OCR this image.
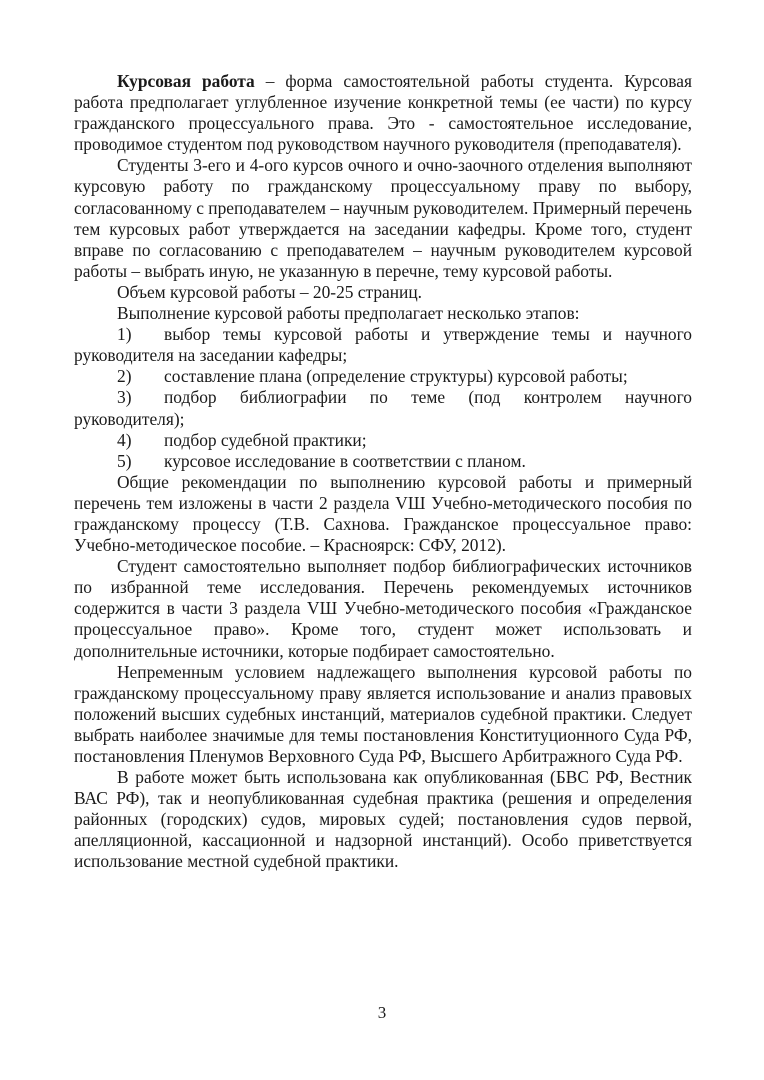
Курсовая работа – форма самостоятельной работы студента. Курсовая работа предполагает углубленное изучение конкретной темы (ее части) по курсу гражданского процессуального права. Это - самостоятельное исследование, проводимое студентом под руководством научного руководителя (преподавателя).

Студенты 3-его и 4-ого курсов очного и очно-заочного отделения выполняют курсовую работу по гражданскому процессуальному праву по выбору, согласованному с преподавателем – научным руководителем. Примерный перечень тем курсовых работ утверждается на заседании кафедры. Кроме того, студент вправе по согласованию с преподавателем – научным руководителем курсовой работы – выбрать иную, не указанную в перечне, тему курсовой работы.

Объем курсовой работы – 20-25 страниц.

Выполнение курсовой работы предполагает несколько этапов:

1) выбор темы курсовой работы и утверждение темы и научного руководителя на заседании кафедры;

2) составление плана (определение структуры) курсовой работы;

3) подбор библиографии по теме (под контролем научного руководителя);

4) подбор судебной практики;

5) курсовое исследование в соответствии с планом.

Общие рекомендации по выполнению курсовой работы и примерный перечень тем изложены в части 2 раздела VШ Учебно-методического пособия по гражданскому процессу (Т.В. Сахнова. Гражданское процессуальное право: Учебно-методическое пособие. – Красноярск: СФУ, 2012).

Студент самостоятельно выполняет подбор библиографических источников по избранной теме исследования. Перечень рекомендуемых источников содержится в части 3 раздела VШ Учебно-методического пособия «Гражданское процессуальное право». Кроме того, студент может использовать и дополнительные источники, которые подбирает самостоятельно.

Непременным условием надлежащего выполнения курсовой работы по гражданскому процессуальному праву является использование и анализ правовых положений высших судебных инстанций, материалов судебной практики. Следует выбрать наиболее значимые для темы постановления Конституционного Суда РФ, постановления Пленумов Верховного Суда РФ, Высшего Арбитражного Суда РФ.

В работе может быть использована как опубликованная (БВС РФ, Вестник ВАС РФ), так и неопубликованная судебная практика (решения и определения районных (городских) судов, мировых судей; постановления судов первой, апелляционной, кассационной и надзорной инстанций). Особо приветствуется использование местной судебной практики.

3
